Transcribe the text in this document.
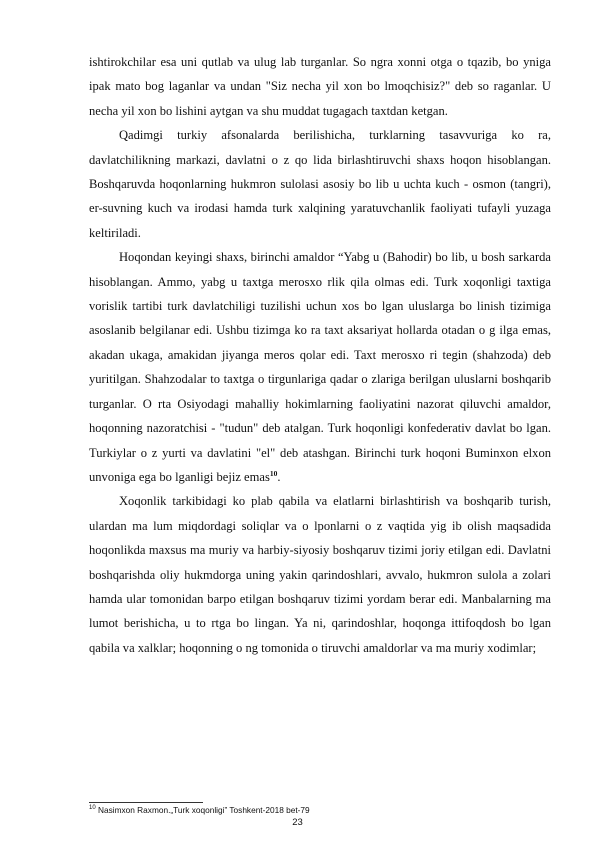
ishtirokchilar esa uni qutlab va ulug lab turganlar. So ngra xonni otga o tqazib, bo yniga ipak mato bog laganlar va undan "Siz necha yil xon bo lmoqchisiz?" deb so raganlar. U necha yil xon bo lishini aytgan va shu muddat tugagach taxtdan ketgan.

Qadimgi turkiy afsonalarda berilishicha, turklarning tasavvuriga ko ra, davlatchilikning markazi, davlatni o z qo lida birlashtiruvchi shaxs hoqon hisoblangan. Boshqaruvda hoqonlarning hukmron sulolasi asosiy bo lib u uchta kuch - osmon (tangri), er-suvning kuch va irodasi hamda turk xalqining yaratuvchanlik faoliyati tufayli yuzaga keltiriladi.

Hoqondan keyingi shaxs, birinchi amaldor “Yabg u (Bahodir) bo lib, u bosh sarkarda hisoblangan. Ammo, yabg u taxtga merosxo rlik qila olmas edi. Turk xoqonligi taxtiga vorislik tartibi turk davlatchiligi tuzilishi uchun xos bo lgan uluslarga bo linish tizimiga asoslanib belgilanar edi. Ushbu tizimga ko ra taxt aksariyat hollarda otadan o g ilga emas, akadan ukaga, amakidan jiyanga meros qolar edi. Taxt merosxo ri tegin (shahzoda) deb yuritilgan. Shahzodalar to taxtga o tirgunlariga qadar o zlariga berilgan uluslarni boshqarib turganlar. O rta Osiyodagi mahalliy hokimlarning faoliyatini nazorat qiluvchi amaldor, hoqonning nazoratchisi - "tudun" deb atalgan. Turk hoqonligi konfederativ davlat bo lgan. Turkiylar o z yurti va davlatini "el" deb atashgan. Birinchi turk hoqoni Buminxon elxon unvoniga ega bo lganligi bejiz emas$^{10}$.

Xoqonlik tarkibidagi ko plab qabila va elatlarni birlashtirish va boshqarib turish, ulardan ma lum miqdordagi soliqlar va o lponlarni o z vaqtida yig ib olish maqsadida hoqonlikda maxsus ma muriy va harbiy-siyosiy boshqaruv tizimi joriy etilgan edi. Davlatni boshqarishda oliy hukmdorga uning yakin qarindoshlari, avvalo, hukmron sulola a zolari hamda ular tomonidan barpo etilgan boshqaruv tizimi yordam berar edi. Manbalarning ma lumot berishicha, u to rtga bo lingan. Ya ni, qarindoshlar, hoqonga ittifoqdosh bo lgan qabila va xalklar; hoqonning o ng tomonida o tiruvchi amaldorlar va ma muriy xodimlar;

$^{10}$ Nasimxon Raxmon.„Turk xoqonligi” Toshkent-2018 bet-79
23
